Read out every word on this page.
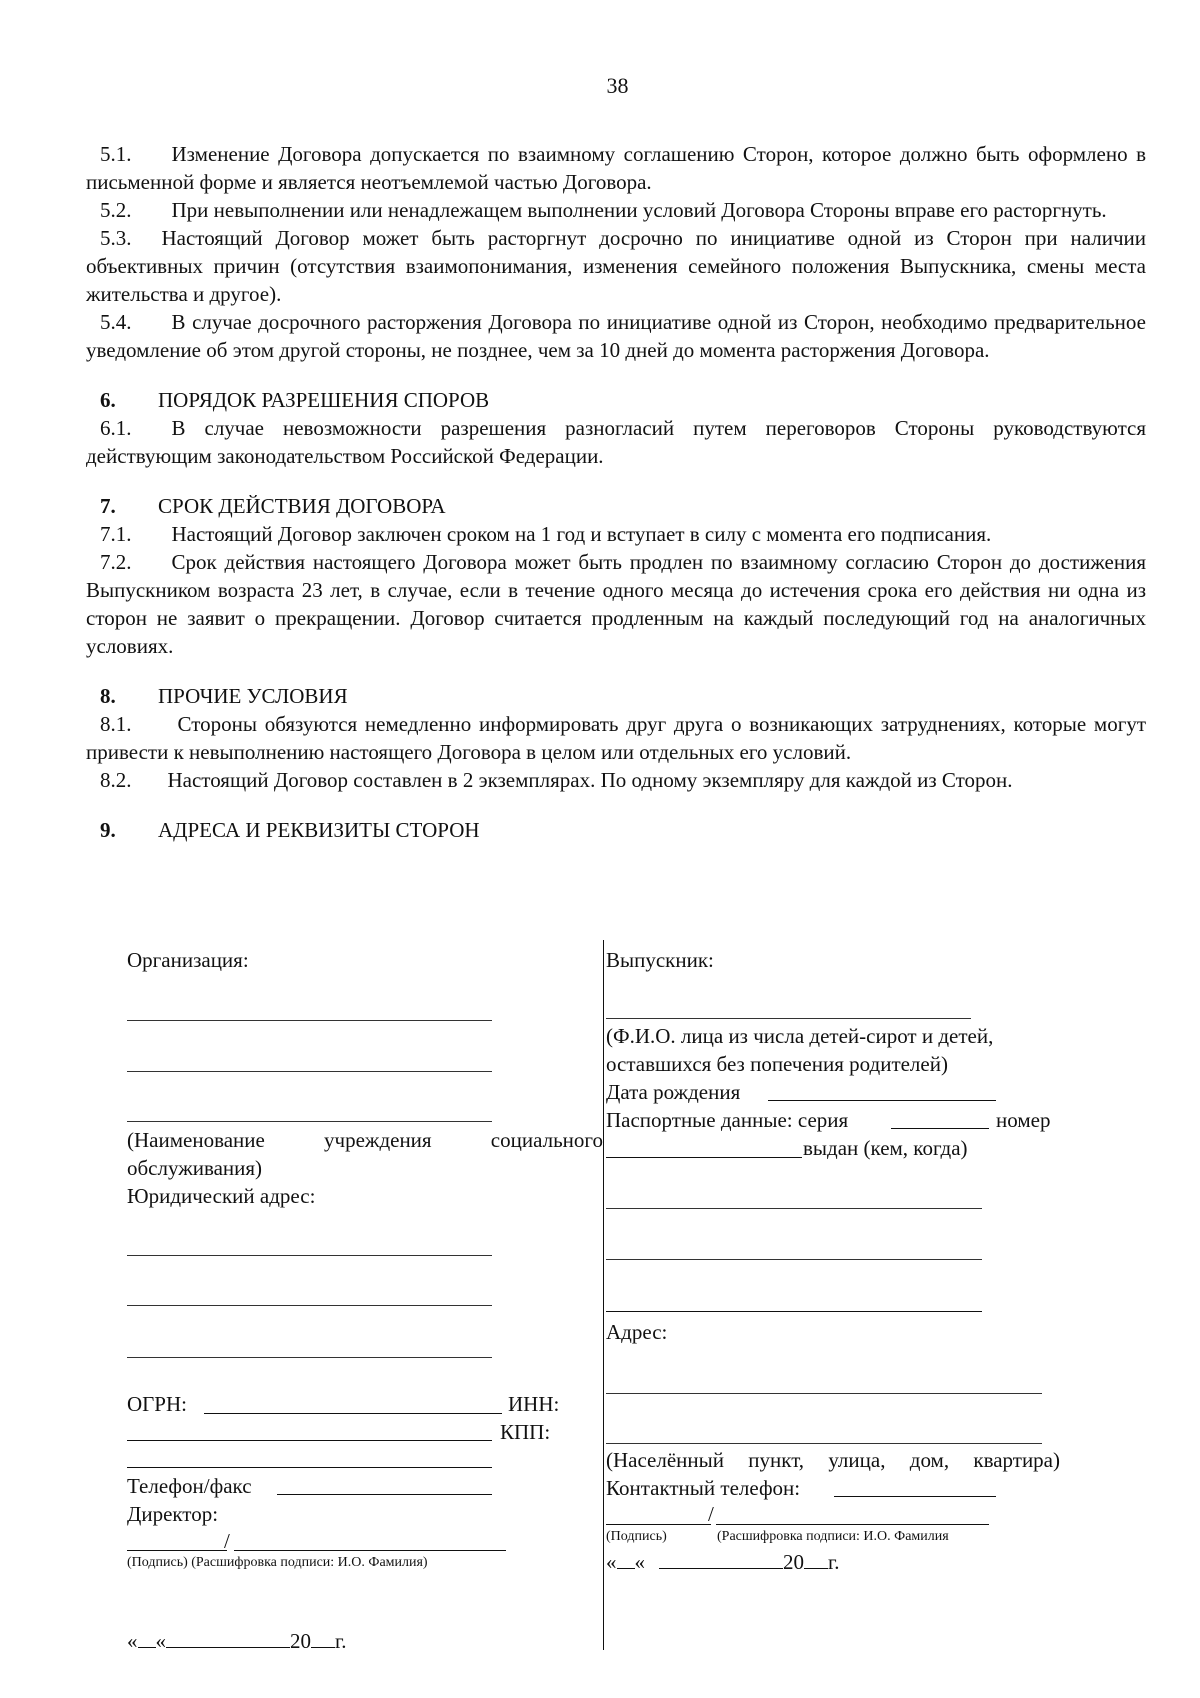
38

5.1. Изменение Договора допускается по взаимному соглашению Сторон, которое должно быть оформлено в письменной форме и является неотъемлемой частью Договора.

5.2. При невыполнении или ненадлежащем выполнении условий Договора Стороны вправе его расторгнуть.

5.3. Настоящий Договор может быть расторгнут досрочно по инициативе одной из Сторон при наличии объективных причин (отсутствия взаимопонимания, изменения семейного положения Выпускника, смены места жительства и другое).

5.4. В случае досрочного расторжения Договора по инициативе одной из Сторон, необходимо предварительное уведомление об этом другой стороны, не позднее, чем за 10 дней до момента расторжения Договора.

6. ПОРЯДОК РАЗРЕШЕНИЯ СПОРОВ

6.1. В случае невозможности разрешения разногласий путем переговоров Стороны руководствуются действующим законодательством Российской Федерации.

7. СРОК ДЕЙСТВИЯ ДОГОВОРА

7.1. Настоящий Договор заключен сроком на 1 год и вступает в силу с момента его подписания.

7.2. Срок действия настоящего Договора может быть продлен по взаимному согласию Сторон до достижения Выпускником возраста 23 лет, в случае, если в течение одного месяца до истечения срока его действия ни одна из сторон не заявит о прекращении. Договор считается продленным на каждый последующий год на аналогичных условиях.

8. ПРОЧИЕ УСЛОВИЯ

8.1. Стороны обязуются немедленно информировать друг друга о возникающих затруднениях, которые могут привести к невыполнению настоящего Договора в целом или отдельных его условий.

8.2. Настоящий Договор составлен в 2 экземплярах. По одному экземпляру для каждой из Сторон.

9. АДРЕСА И РЕКВИЗИТЫ СТОРОН

Организация:
(Наименование учреждения социального
обслуживания)
Юридический адрес:
ОГРН:	ИНН:
КПП:
Телефон/факс
Директор:
/
(Подпись) (Расшифровка подписи: И.О. Фамилия)
« «	20 г.
Выпускник:
(Ф.И.О. лица из числа детей-сирот и детей,
оставшихся без попечения родителей)
Дата рождения
Паспортные данные: серия	номер
выдан (кем, когда)
Адрес:
(Населённый пункт, улица, дом, квартира)
Контактный телефон:
/
(Подпись)	(Расшифровка подписи: И.О. Фамилия
« «	20 г.
